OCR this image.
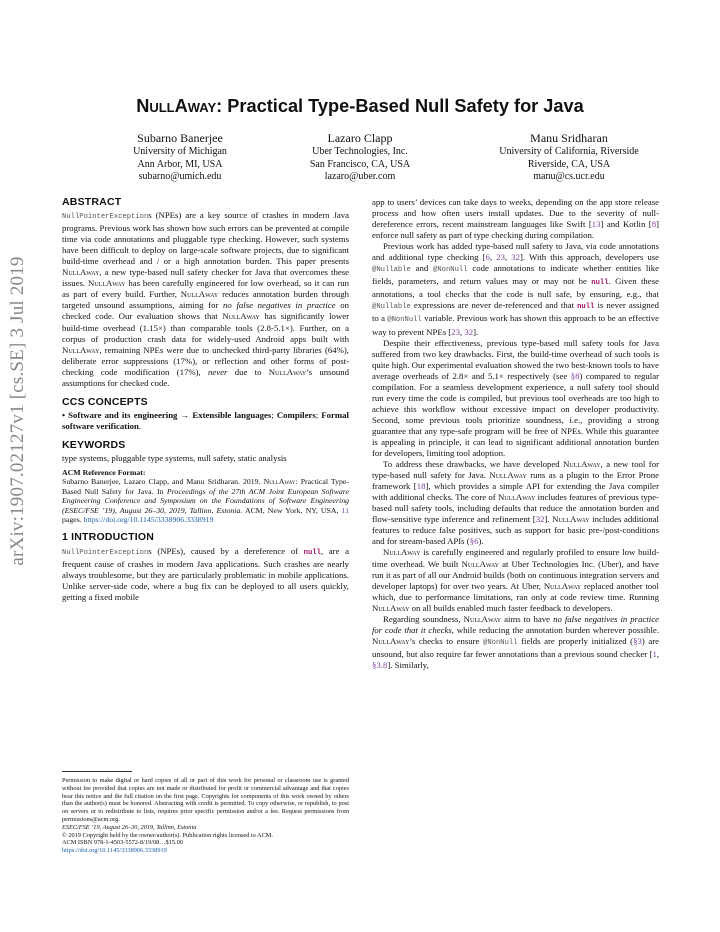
arXiv:1907.02127v1 [cs.SE] 3 Jul 2019
NullAway: Practical Type-Based Null Safety for Java
Subarno Banerjee
University of Michigan
Ann Arbor, MI, USA
subarno@umich.edu
Lazaro Clapp
Uber Technologies, Inc.
San Francisco, CA, USA
lazaro@uber.com
Manu Sridharan
University of California, Riverside
Riverside, CA, USA
manu@cs.ucr.edu
ABSTRACT

NullPointerExceptions (NPEs) are a key source of crashes in modern Java programs. Previous work has shown how such errors can be prevented at compile time via code annotations and pluggable type checking. However, such systems have been difficult to deploy on large-scale software projects, due to significant build-time overhead and / or a high annotation burden. This paper presents NullAway, a new type-based null safety checker for Java that overcomes these issues. NullAway has been carefully engineered for low overhead, so it can run as part of every build. Further, NullAway reduces annotation burden through targeted unsound assumptions, aiming for no false negatives in practice on checked code. Our evaluation shows that NullAway has significantly lower build-time overhead (1.15×) than comparable tools (2.8-5.1×). Further, on a corpus of production crash data for widely-used Android apps built with NullAway, remaining NPEs were due to unchecked third-party libraries (64%), deliberate error suppressions (17%), or reflection and other forms of post-checking code modification (17%), never due to NullAway’s unsound assumptions for checked code.

CCS CONCEPTS

• Software and its engineering → Extensible languages; Compilers; Formal software verification.

KEYWORDS

type systems, pluggable type systems, null safety, static analysis

ACM Reference Format:
Subarno Banerjee, Lazaro Clapp, and Manu Sridharan. 2019. NullAway: Practical Type-Based Null Safety for Java. In Proceedings of the 27th ACM Joint European Software Engineering Conference and Symposium on the Foundations of Software Engineering (ESEC/FSE ’19), August 26–30, 2019, Tallinn, Estonia. ACM, New York, NY, USA, 11 pages. https://doi.org/10.1145/3338906.3338919
1 INTRODUCTION

NullPointerExceptions (NPEs), caused by a dereference of null, are a frequent cause of crashes in modern Java applications. Such crashes are nearly always troublesome, but they are particularly problematic in mobile applications. Unlike server-side code, where a bug fix can be deployed to all users quickly, getting a fixed mobile

Permission to make digital or hard copies of all or part of this work for personal or classroom use is granted without fee provided that copies are not made or distributed for profit or commercial advantage and that copies bear this notice and the full citation on the first page. Copyrights for components of this work owned by others than the author(s) must be honored. Abstracting with credit is permitted. To copy otherwise, or republish, to post on servers or to redistribute to lists, requires prior specific permission and/or a fee. Request permissions from permissions@acm.org.
ESEC/FSE ’19, August 26–30, 2019, Tallinn, Estonia
© 2019 Copyright held by the owner/author(s). Publication rights licensed to ACM.
ACM ISBN 978-1-4503-5572-8/19/08…$15.00
https://doi.org/10.1145/3338906.3338919

app to users’ devices can take days to weeks, depending on the app store release process and how often users install updates. Due to the severity of null-dereference errors, recent mainstream languages like Swift [13] and Kotlin [8] enforce null safety as part of type checking during compilation.

Previous work has added type-based null safety to Java, via code annotations and additional type checking [6, 23, 32]. With this approach, developers use @Nullable and @NonNull code annotations to indicate whether entities like fields, parameters, and return values may or may not be null. Given these annotations, a tool checks that the code is null safe, by ensuring, e.g., that @Nullable expressions are never de-referenced and that null is never assigned to a @NonNull variable. Previous work has shown this approach to be an effective way to prevent NPEs [23, 32].

Despite their effectiveness, previous type-based null safety tools for Java suffered from two key drawbacks. First, the build-time overhead of such tools is quite high. Our experimental evaluation showed the two best-known tools to have average overheads of 2.8× and 5.1× respectively (see §8) compared to regular compilation. For a seamless development experience, a null safety tool should run every time the code is compiled, but previous tool overheads are too high to achieve this workflow without excessive impact on developer productivity. Second, some previous tools prioritize soundness, i.e., providing a strong guarantee that any type-safe program will be free of NPEs. While this guarantee is appealing in principle, it can lead to significant additional annotation burden for developers, limiting tool adoption.

To address these drawbacks, we have developed NullAway, a new tool for type-based null safety for Java. NullAway runs as a plugin to the Error Prone framework [18], which provides a simple API for extending the Java compiler with additional checks. The core of NullAway includes features of previous type-based null safety tools, including defaults that reduce the annotation burden and flow-sensitive type inference and refinement [32]. NullAway includes additional features to reduce false positives, such as support for basic pre-/post-conditions and for stream-based APIs (§6).

NullAway is carefully engineered and regularly profiled to ensure low build-time overhead. We built NullAway at Uber Technologies Inc. (Uber), and have run it as part of all our Android builds (both on continuous integration servers and developer laptops) for over two years. At Uber, NullAway replaced another tool which, due to performance limitations, ran only at code review time. Running NullAway on all builds enabled much faster feedback to developers.

Regarding soundness, NullAway aims to have no false negatives in practice for code that it checks, while reducing the annotation burden wherever possible. NullAway’s checks to ensure @NonNull fields are properly initialized (§3) are unsound, but also require far fewer annotations than a previous sound checker [1, §3.8]. Similarly,
